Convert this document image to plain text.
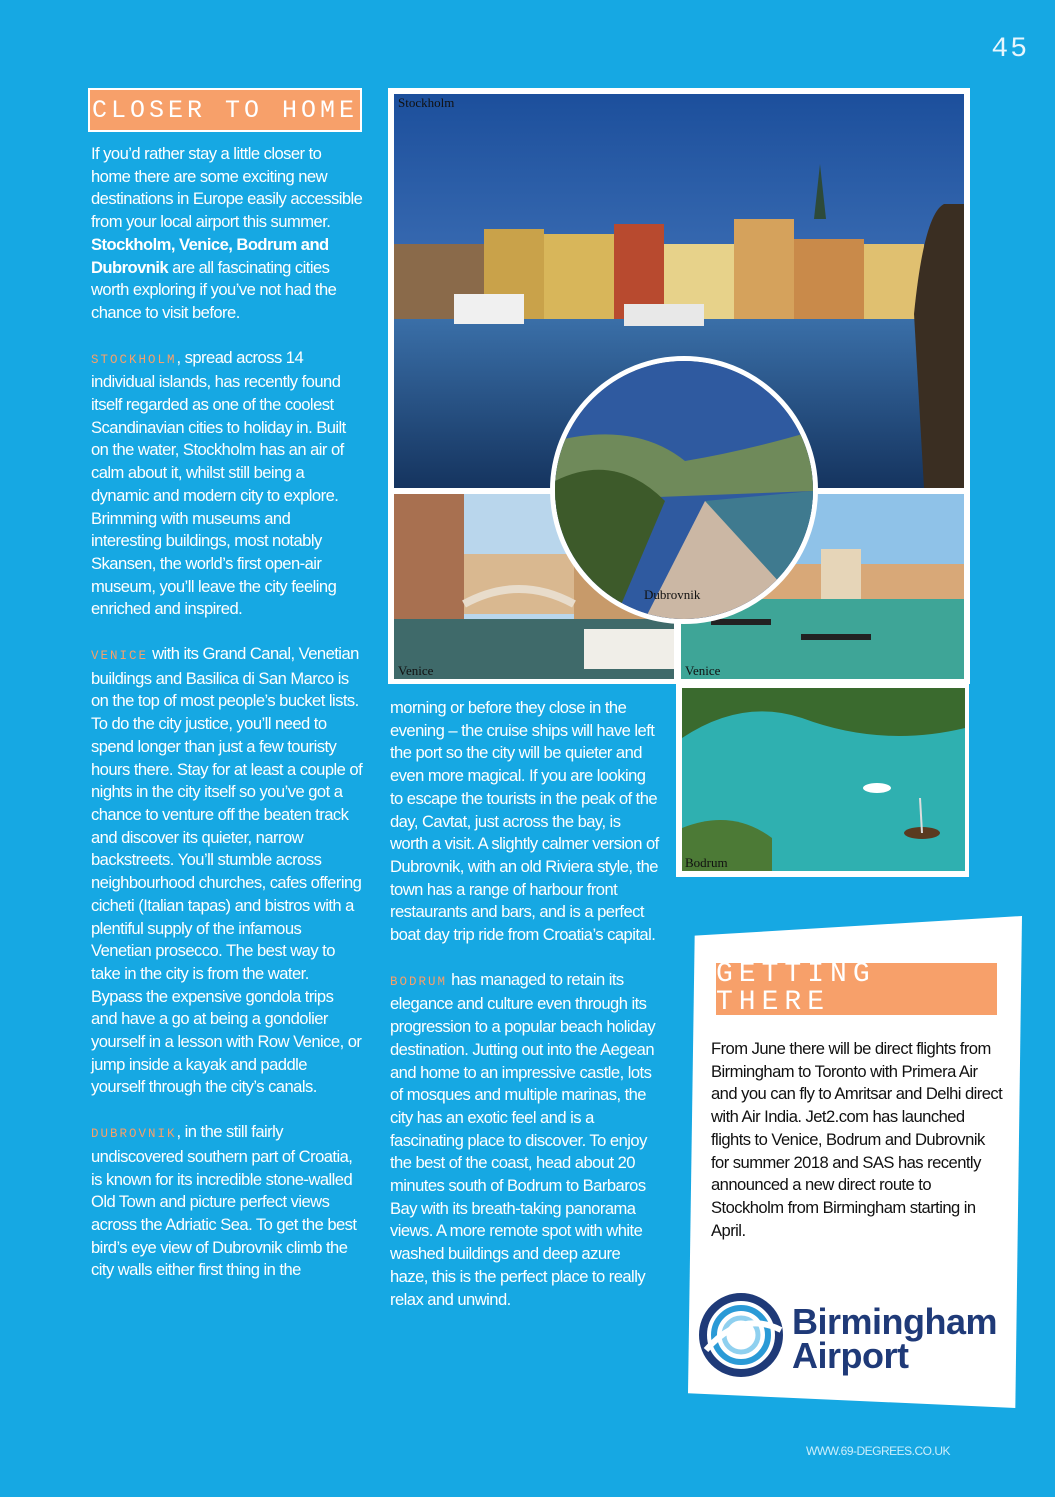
45
CLOSER TO HOME

If you’d rather stay a little closer to home there are some exciting new destinations in Europe easily accessible from your local airport this summer. Stockholm, Venice, Bodrum and Dubrovnik are all fascinating cities worth exploring if you’ve not had the chance to visit before.

STOCKHOLM, spread across 14 individual islands, has recently found itself regarded as one of the coolest Scandinavian cities to holiday in. Built on the water, Stockholm has an air of calm about it, whilst still being a dynamic and modern city to explore. Brimming with museums and interesting buildings, most notably Skansen, the world’s first open-air museum, you’ll leave the city feeling enriched and inspired.

VENICE with its Grand Canal, Venetian buildings and Basilica di San Marco is on the top of most people’s bucket lists. To do the city justice, you’ll need to spend longer than just a few touristy hours there. Stay for at least a couple of nights in the city itself so you’ve got a chance to venture off the beaten track and discover its quieter, narrow backstreets. You’ll stumble across neighbourhood churches, cafes offering cicheti (Italian tapas) and bistros with a plentiful supply of the infamous Venetian prosecco. The best way to take in the city is from the water. Bypass the expensive gondola trips and have a go at being a gondolier yourself in a lesson with Row Venice, or jump inside a kayak and paddle yourself through the city’s canals.

DUBROVNIK, in the still fairly undiscovered southern part of Croatia, is known for its incredible stone-walled Old Town and picture perfect views across the Adriatic Sea. To get the best bird’s eye view of Dubrovnik climb the city walls either first thing in the

Stockholm
Venice	Venice
Bodrum
Dubrovnik

morning or before they close in the evening – the cruise ships will have left the port so the city will be quieter and even more magical. If you are looking to escape the tourists in the peak of the day, Cavtat, just across the bay, is worth a visit. A slightly calmer version of Dubrovnik, with an old Riviera style, the town has a range of harbour front restaurants and bars, and is a perfect boat day trip ride from Croatia’s capital.

BODRUM has managed to retain its elegance and culture even through its progression to a popular beach holiday destination. Jutting out into the Aegean and home to an impressive castle, lots of mosques and multiple marinas, the city has an exotic feel and is a fascinating place to discover. To enjoy the best of the coast, head about 20 minutes south of Bodrum to Barbaros Bay with its breath-taking panorama views. A more remote spot with white washed buildings and deep azure haze, this is the perfect place to really relax and unwind.

GETTING THERE
From June there will be direct flights from Birmingham to Toronto with Primera Air and you can fly to Amritsar and Delhi direct with Air India. Jet2.com has launched flights to Venice, Bodrum and Dubrovnik for summer 2018 and SAS has recently announced a new direct route to Stockholm from Birmingham starting in April.
Birmingham
Airport
WWW.69-DEGREES.CO.UK
